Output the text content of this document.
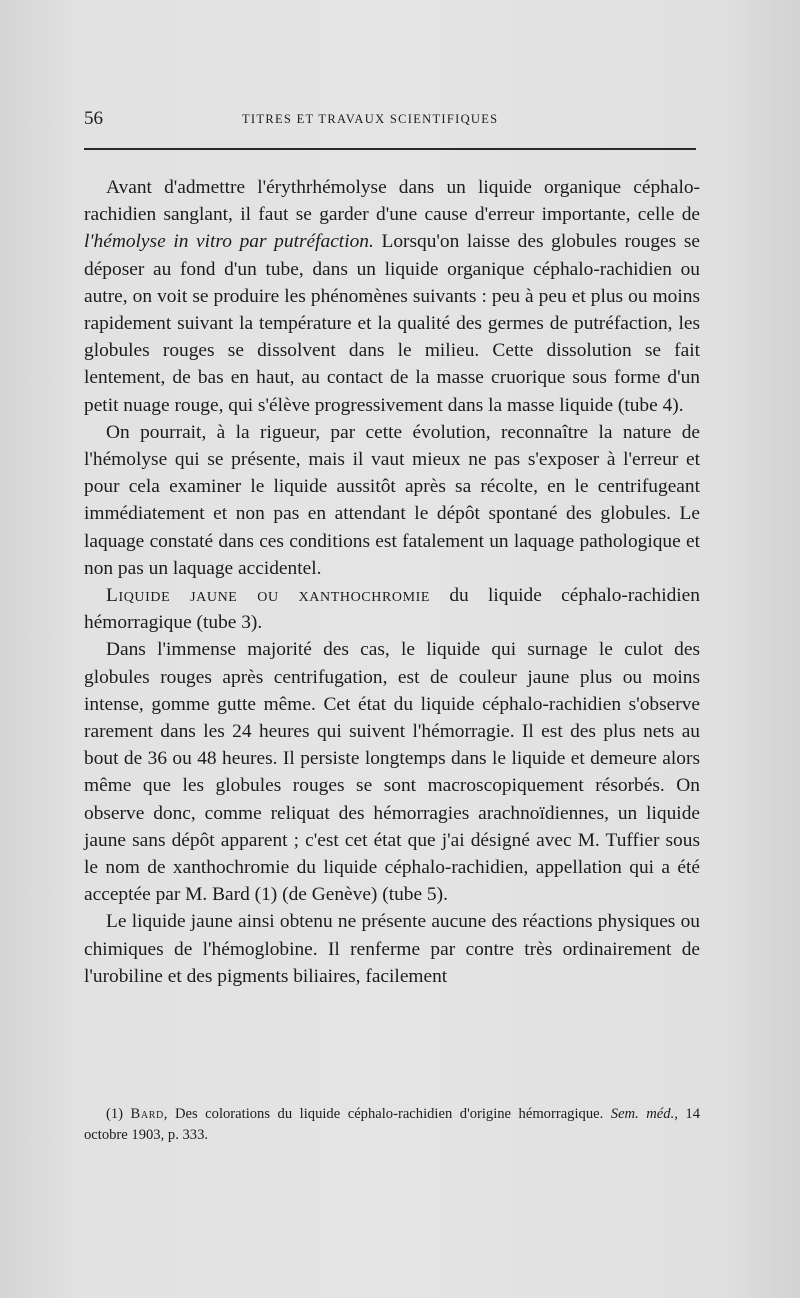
56	TITRES ET TRAVAUX SCIENTIFIQUES

Avant d'admettre l'érythrhémolyse dans un liquide organique céphalo-rachidien sanglant, il faut se garder d'une cause d'erreur importante, celle de l'hémolyse in vitro par putréfaction. Lorsqu'on laisse des globules rouges se déposer au fond d'un tube, dans un liquide organique céphalo-rachidien ou autre, on voit se produire les phénomènes suivants : peu à peu et plus ou moins rapidement suivant la température et la qualité des germes de putréfaction, les globules rouges se dissolvent dans le milieu. Cette dissolution se fait lentement, de bas en haut, au contact de la masse cruorique sous forme d'un petit nuage rouge, qui s'élève progressivement dans la masse liquide (tube 4).

On pourrait, à la rigueur, par cette évolution, reconnaître la nature de l'hémolyse qui se présente, mais il vaut mieux ne pas s'exposer à l'erreur et pour cela examiner le liquide aussitôt après sa récolte, en le centrifugeant immédiatement et non pas en attendant le dépôt spontané des globules. Le laquage constaté dans ces conditions est fatalement un laquage pathologique et non pas un laquage accidentel.

Liquide jaune ou xanthochromie du liquide céphalo-rachidien hémorragique (tube 3).

Dans l'immense majorité des cas, le liquide qui surnage le culot des globules rouges après centrifugation, est de couleur jaune plus ou moins intense, gomme gutte même. Cet état du liquide céphalo-rachidien s'observe rarement dans les 24 heures qui suivent l'hémorragie. Il est des plus nets au bout de 36 ou 48 heures. Il persiste longtemps dans le liquide et demeure alors même que les globules rouges se sont macroscopiquement résorbés. On observe donc, comme reliquat des hémorragies arachnoïdiennes, un liquide jaune sans dépôt apparent ; c'est cet état que j'ai désigné avec M. Tuffier sous le nom de xanthochromie du liquide céphalo-rachidien, appellation qui a été acceptée par M. Bard (1) (de Genève) (tube 5).

Le liquide jaune ainsi obtenu ne présente aucune des réactions physiques ou chimiques de l'hémoglobine. Il renferme par contre très ordinairement de l'urobiline et des pigments biliaires, facilement

(1) Bard, Des colorations du liquide céphalo-rachidien d'origine hémorragique. Sem. méd., 14 octobre 1903, p. 333.
